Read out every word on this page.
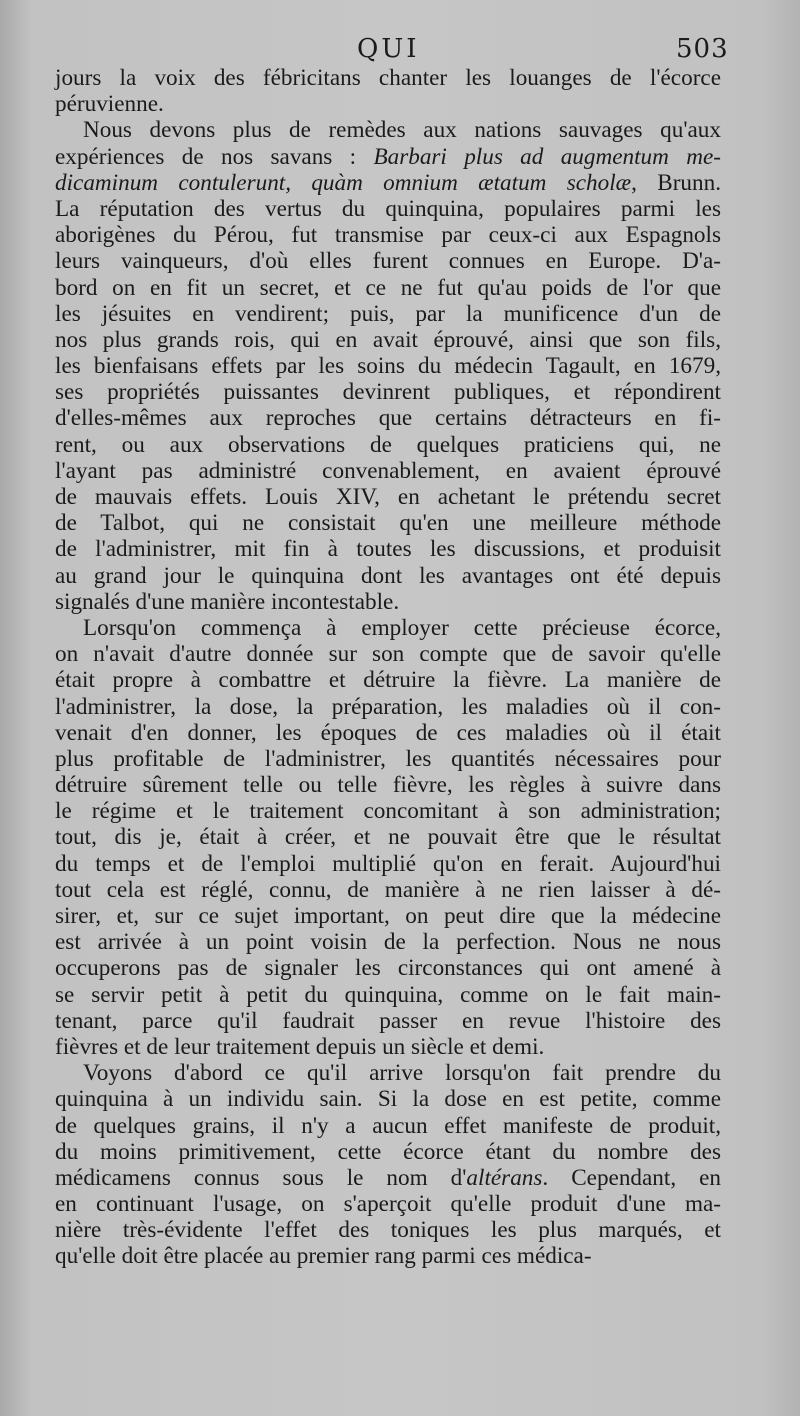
QUI	503
jours la voix des fébricitans chanter les louanges de l'écorce
péruvienne.
Nous devons plus de remèdes aux nations sauvages qu'aux
expériences de nos savans : Barbari plus ad augmentum me-
dicaminum contulerunt, quàm omnium ætatum scholæ, Brunn.
La réputation des vertus du quinquina, populaires parmi les
aborigènes du Pérou, fut transmise par ceux-ci aux Espagnols
leurs vainqueurs, d'où elles furent connues en Europe. D'a-
bord on en fit un secret, et ce ne fut qu'au poids de l'or que
les jésuites en vendirent; puis, par la munificence d'un de
nos plus grands rois, qui en avait éprouvé, ainsi que son fils,
les bienfaisans effets par les soins du médecin Tagault, en 1679,
ses propriétés puissantes devinrent publiques, et répondirent
d'elles-mêmes aux reproches que certains détracteurs en fi-
rent, ou aux observations de quelques praticiens qui, ne
l'ayant pas administré convenablement, en avaient éprouvé
de mauvais effets. Louis XIV, en achetant le prétendu secret
de Talbot, qui ne consistait qu'en une meilleure méthode
de l'administrer, mit fin à toutes les discussions, et produisit
au grand jour le quinquina dont les avantages ont été depuis
signalés d'une manière incontestable.
Lorsqu'on commença à employer cette précieuse écorce,
on n'avait d'autre donnée sur son compte que de savoir qu'elle
était propre à combattre et détruire la fièvre. La manière de
l'administrer, la dose, la préparation, les maladies où il con-
venait d'en donner, les époques de ces maladies où il était
plus profitable de l'administrer, les quantités nécessaires pour
détruire sûrement telle ou telle fièvre, les règles à suivre dans
le régime et le traitement concomitant à son administration;
tout, dis je, était à créer, et ne pouvait être que le résultat
du temps et de l'emploi multiplié qu'on en ferait. Aujourd'hui
tout cela est réglé, connu, de manière à ne rien laisser à dé-
sirer, et, sur ce sujet important, on peut dire que la médecine
est arrivée à un point voisin de la perfection. Nous ne nous
occuperons pas de signaler les circonstances qui ont amené à
se servir petit à petit du quinquina, comme on le fait main-
tenant, parce qu'il faudrait passer en revue l'histoire des
fièvres et de leur traitement depuis un siècle et demi.
Voyons d'abord ce qu'il arrive lorsqu'on fait prendre du
quinquina à un individu sain. Si la dose en est petite, comme
de quelques grains, il n'y a aucun effet manifeste de produit,
du moins primitivement, cette écorce étant du nombre des
médicamens connus sous le nom d'altérans. Cependant, en
en continuant l'usage, on s'aperçoit qu'elle produit d'une ma-
nière très-évidente l'effet des toniques les plus marqués, et
qu'elle doit être placée au premier rang parmi ces médica-
